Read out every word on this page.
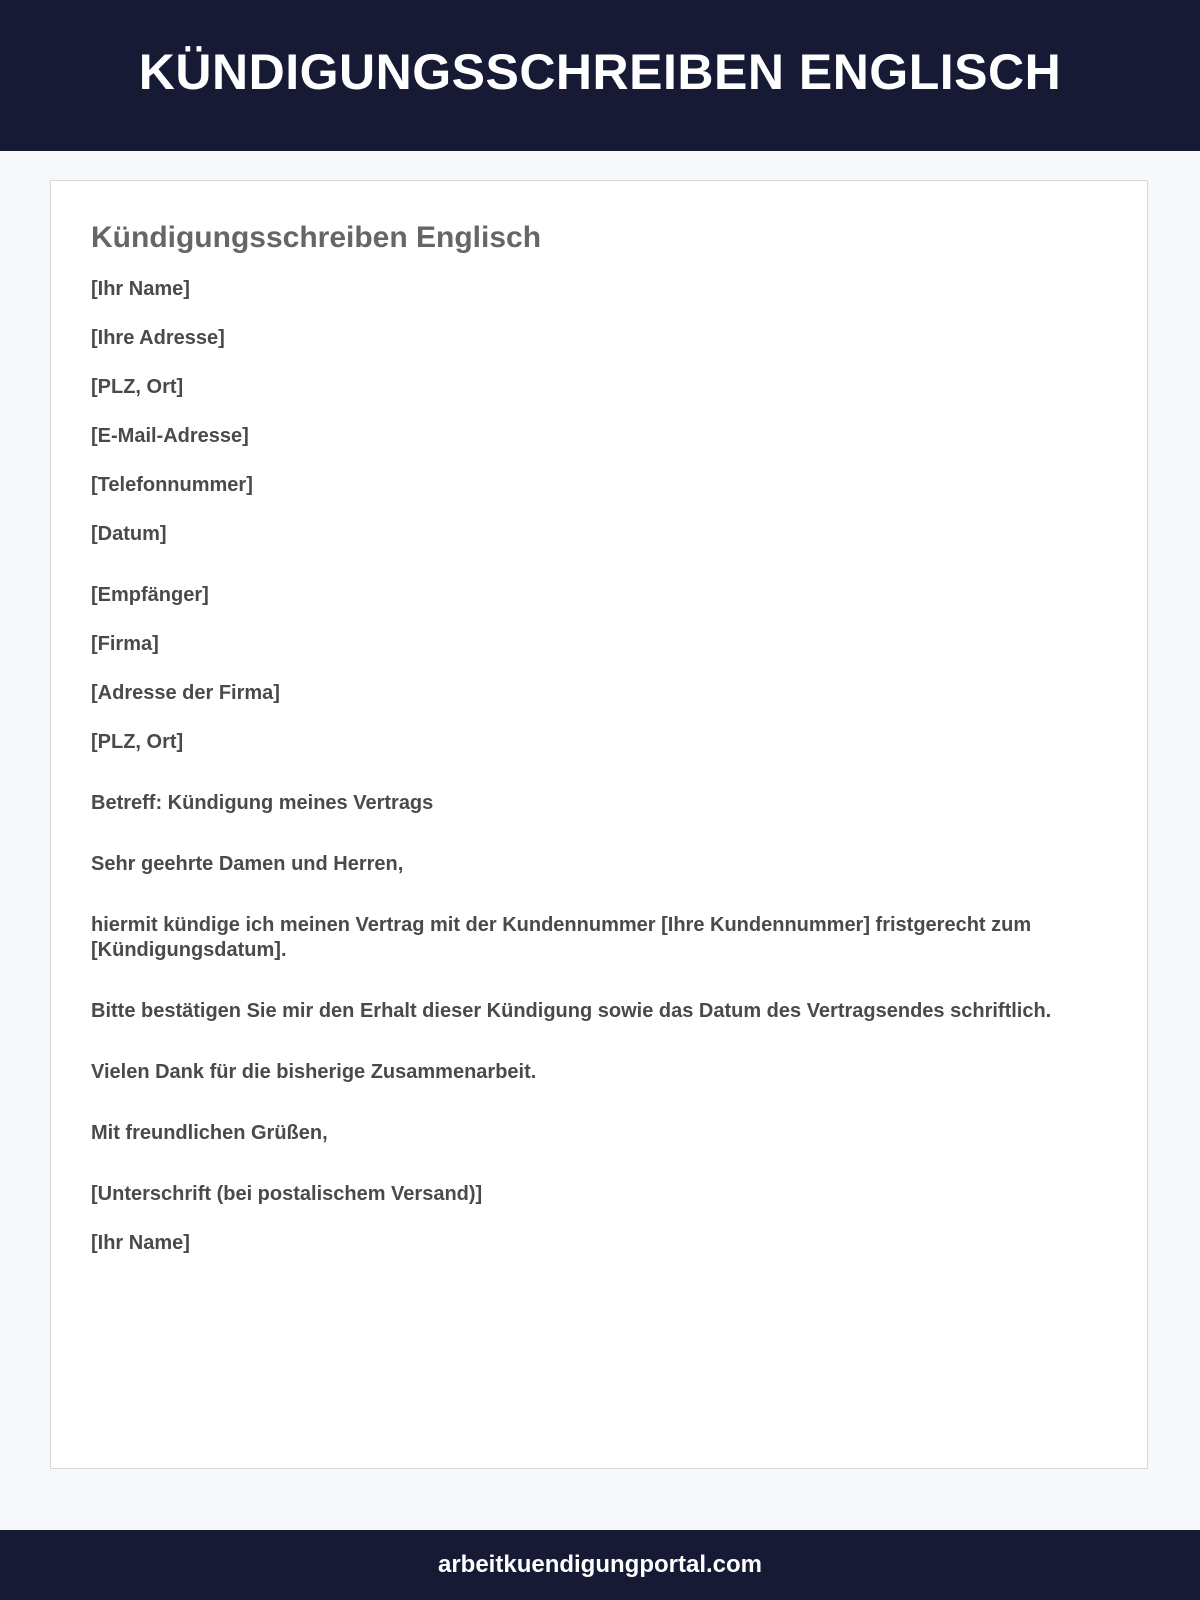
KÜNDIGUNGSSCHREIBEN ENGLISCH
Kündigungsschreiben Englisch

[Ihr Name]

[Ihre Adresse]

[PLZ, Ort]

[E-Mail-Adresse]

[Telefonnummer]

[Datum]

[Empfänger]

[Firma]

[Adresse der Firma]

[PLZ, Ort]

Betreff: Kündigung meines Vertrags

Sehr geehrte Damen und Herren,

hiermit kündige ich meinen Vertrag mit der Kundennummer [Ihre Kundennummer] fristgerecht zum [Kündigungsdatum].

Bitte bestätigen Sie mir den Erhalt dieser Kündigung sowie das Datum des Vertragsendes schriftlich.

Vielen Dank für die bisherige Zusammenarbeit.

Mit freundlichen Grüßen,

[Unterschrift (bei postalischem Versand)]

[Ihr Name]

arbeitkuendigungportal.com
